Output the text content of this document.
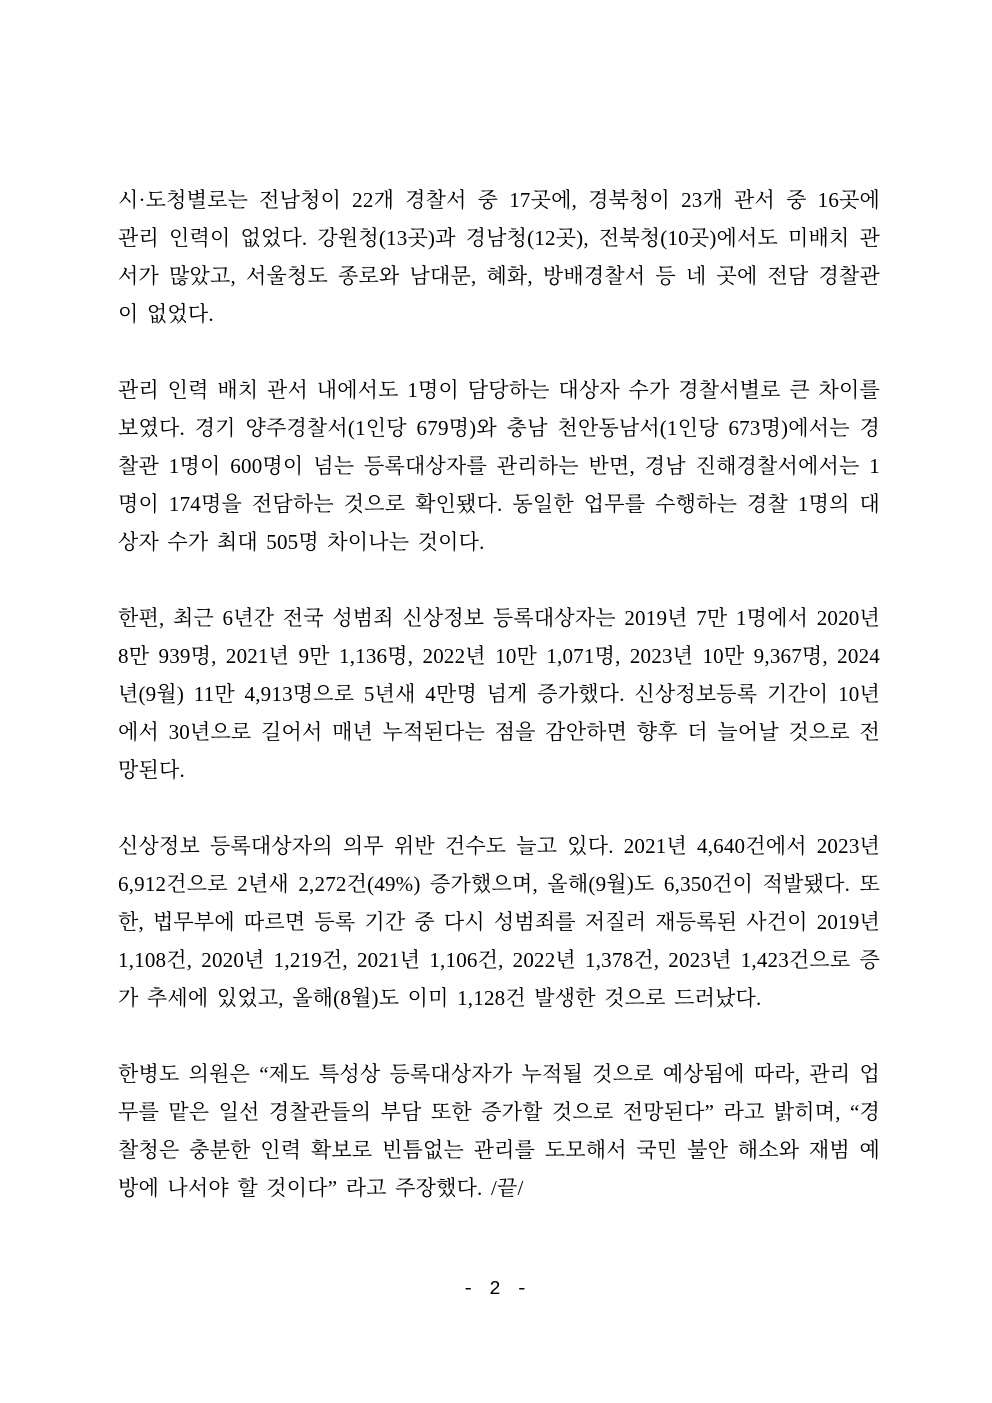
시·도청별로는 전남청이 22개 경찰서 중 17곳에, 경북청이 23개 관서 중 16곳에 관리 인력이 없었다. 강원청(13곳)과 경남청(12곳), 전북청(10곳)에서도 미배치 관서가 많았고, 서울청도 종로와 남대문, 혜화, 방배경찰서 등 네 곳에 전담 경찰관이 없었다.

관리 인력 배치 관서 내에서도 1명이 담당하는 대상자 수가 경찰서별로 큰 차이를 보였다. 경기 양주경찰서(1인당 679명)와 충남 천안동남서(1인당 673명)에서는 경찰관 1명이 600명이 넘는 등록대상자를 관리하는 반면, 경남 진해경찰서에서는 1명이 174명을 전담하는 것으로 확인됐다. 동일한 업무를 수행하는 경찰 1명의 대상자 수가 최대 505명 차이나는 것이다.

한편, 최근 6년간 전국 성범죄 신상정보 등록대상자는 2019년 7만 1명에서 2020년 8만 939명, 2021년 9만 1,136명, 2022년 10만 1,071명, 2023년 10만 9,367명, 2024년(9월) 11만 4,913명으로 5년새 4만명 넘게 증가했다. 신상정보등록 기간이 10년에서 30년으로 길어서 매년 누적된다는 점을 감안하면 향후 더 늘어날 것으로 전망된다.

신상정보 등록대상자의 의무 위반 건수도 늘고 있다. 2021년 4,640건에서 2023년 6,912건으로 2년새 2,272건(49%) 증가했으며, 올해(9월)도 6,350건이 적발됐다. 또한, 법무부에 따르면 등록 기간 중 다시 성범죄를 저질러 재등록된 사건이 2019년 1,108건, 2020년 1,219건, 2021년 1,106건, 2022년 1,378건, 2023년 1,423건으로 증가 추세에 있었고, 올해(8월)도 이미 1,128건 발생한 것으로 드러났다.

한병도 의원은 “제도 특성상 등록대상자가 누적될 것으로 예상됨에 따라, 관리 업무를 맡은 일선 경찰관들의 부담 또한 증가할 것으로 전망된다” 라고 밝히며, “경찰청은 충분한 인력 확보로 빈틈없는 관리를 도모해서 국민 불안 해소와 재범 예방에 나서야 할 것이다” 라고 주장했다. /끝/

- 2 -
